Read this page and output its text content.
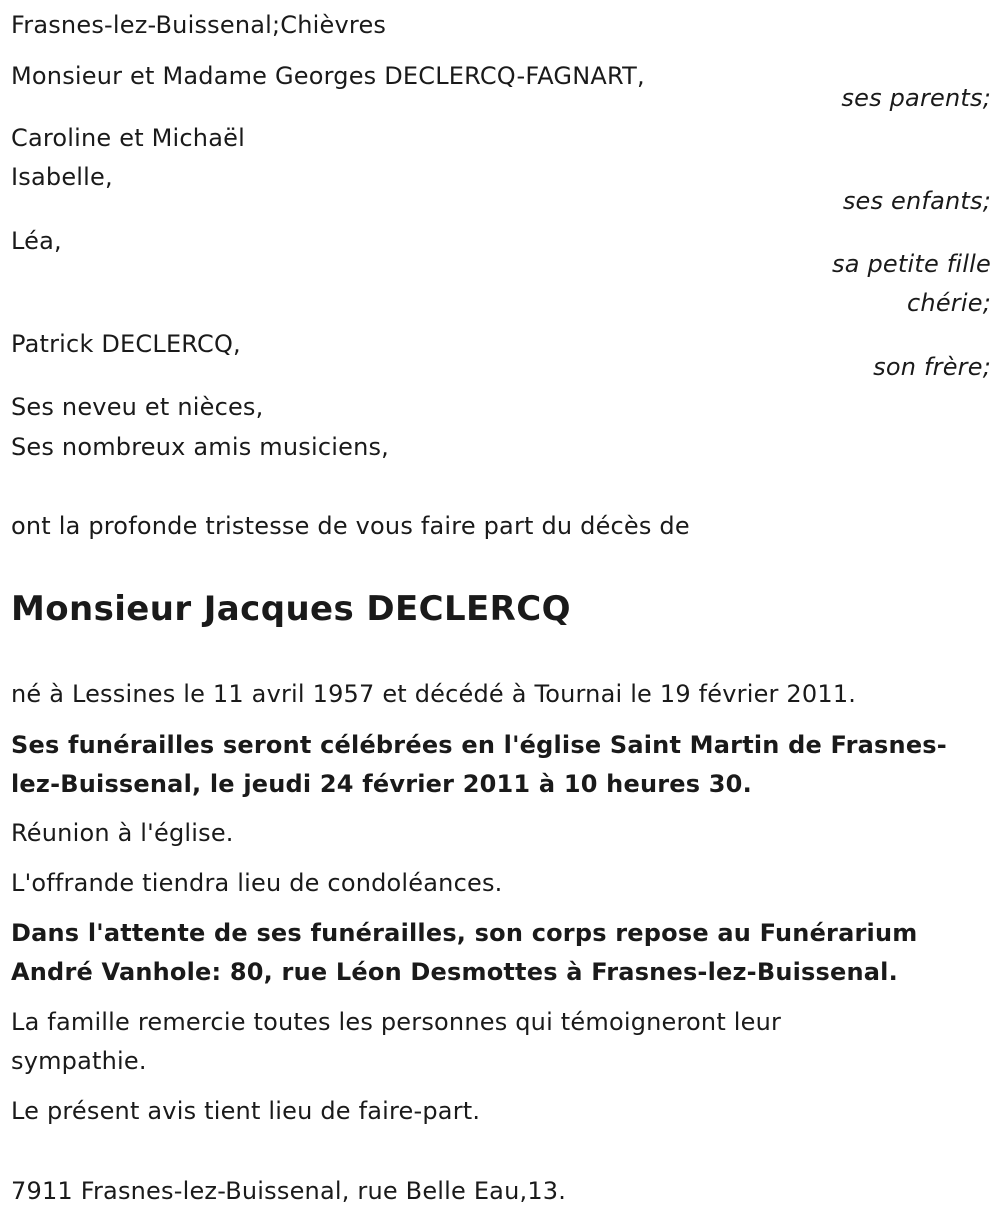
Frasnes-lez-Buissenal;Chièvres
Monsieur et Madame Georges DECLERCQ-FAGNART,
ses parents;
Caroline et Michaël
Isabelle,
ses enfants;
Léa,
sa petite fille
chérie;
Patrick DECLERCQ,
son frère;
Ses neveu et nièces,
Ses nombreux amis musiciens,
ont la profonde tristesse de vous faire part du décès de
Monsieur Jacques DECLERCQ
né à Lessines le 11 avril 1957 et décédé à Tournai le 19 février 2011.
Ses funérailles seront célébrées en l'église Saint Martin de Frasnes-
lez-Buissenal, le jeudi 24 février 2011 à 10 heures 30.
Réunion à l'église.
L'offrande tiendra lieu de condoléances.
Dans l'attente de ses funérailles, son corps repose au Funérarium
André Vanhole: 80, rue Léon Desmottes à Frasnes-lez-Buissenal.
La famille remercie toutes les personnes qui témoigneront leur
sympathie.
Le présent avis tient lieu de faire-part.
7911 Frasnes-lez-Buissenal, rue Belle Eau,13.
